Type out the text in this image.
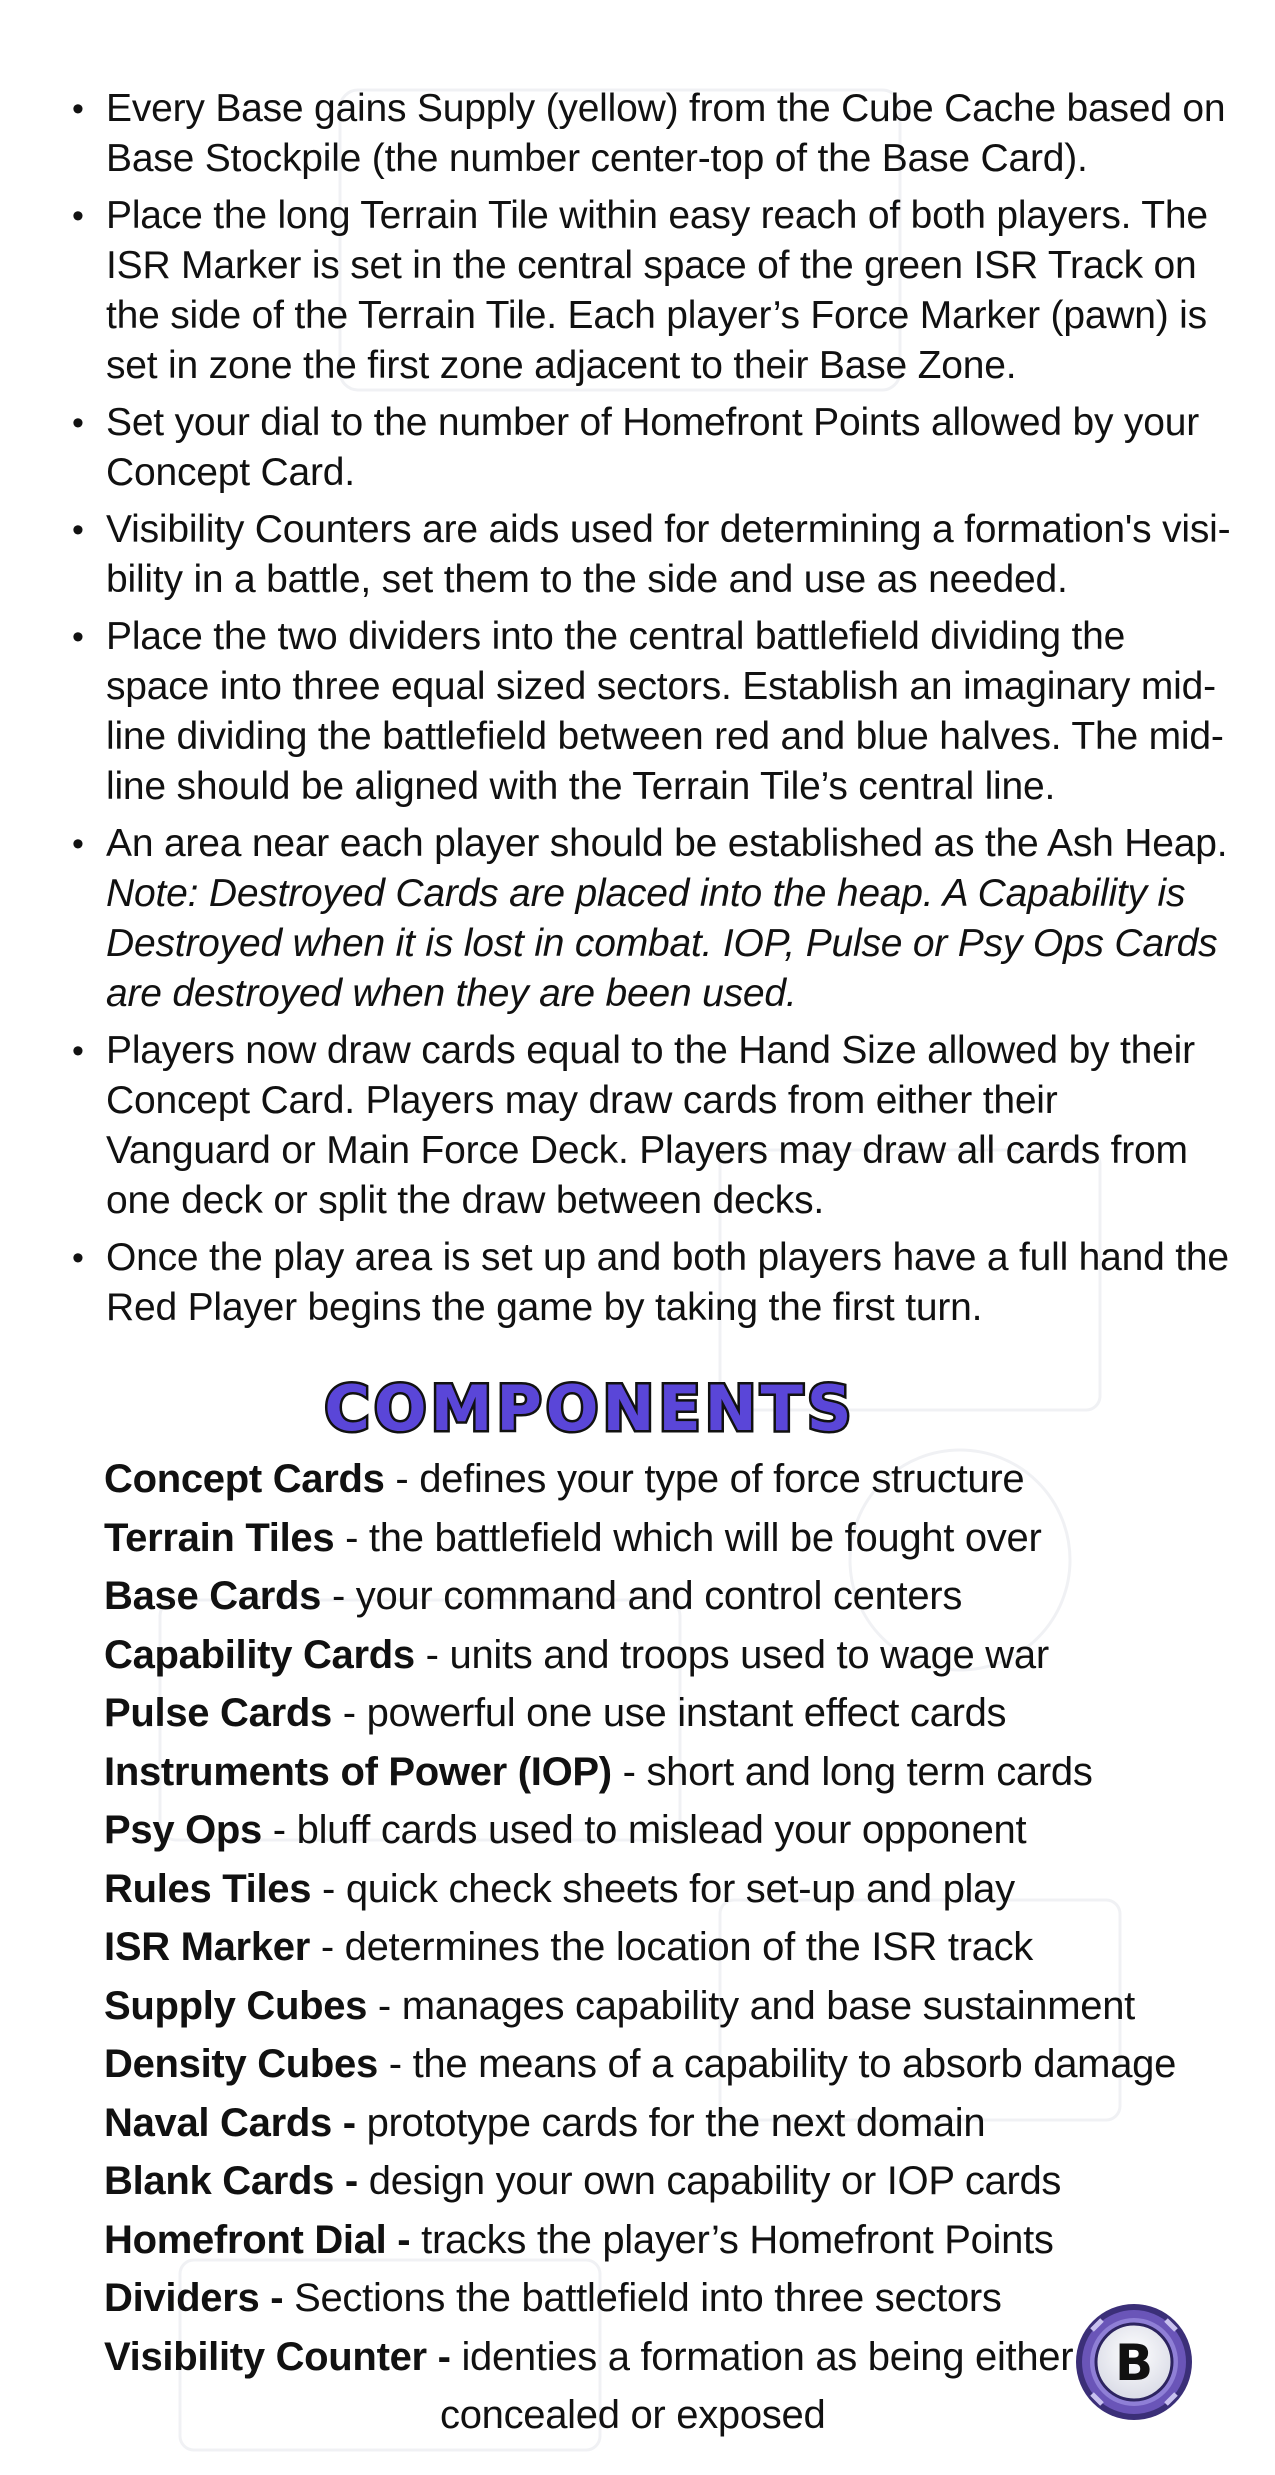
• Every Base gains Supply (yellow) from the Cube Cache based on Base Stockpile (the number center-top of the Base Card).
• Place the long Terrain Tile within easy reach of both players. The ISR Marker is set in the central space of the green ISR Track on the side of the Terrain Tile. Each player’s Force Marker (pawn) is set in zone the first zone adjacent to their Base Zone.
• Set your dial to the number of Homefront Points allowed by your Concept Card.
• Visibility Counters are aids used for determining a formation's visi-bility in a battle, set them to the side and use as needed.
• Place the two dividers into the central battlefield dividing the space into three equal sized sectors. Establish an imaginary mid-line dividing the battlefield between red and blue halves. The mid-line should be aligned with the Terrain Tile’s central line.
• An area near each player should be established as the Ash Heap.
Note: Destroyed Cards are placed into the heap. A Capability is Destroyed when it is lost in combat. IOP, Pulse or Psy Ops Cards are destroyed when they are been used.
• Players now draw cards equal to the Hand Size allowed by their Concept Card. Players may draw cards from either their Vanguard or Main Force Deck. Players may draw all cards from one deck or split the draw between decks.
• Once the play area is set up and both players have a full hand the Red Player begins the game by taking the first turn.
COMPONENTS
Concept Cards - defines your type of force structure
Terrain Tiles - the battlefield which will be fought over
Base Cards - your command and control centers
Capability Cards - units and troops used to wage war
Pulse Cards - powerful one use instant effect cards
Instruments of Power (IOP) - short and long term cards
Psy Ops - bluff cards used to mislead your opponent
Rules Tiles - quick check sheets for set-up and play
ISR Marker - determines the location of the ISR track
Supply Cubes - manages capability and base sustainment
Density Cubes - the means of a capability to absorb damage
Naval Cards - prototype cards for the next domain
Blank Cards - design your own capability or IOP cards
Homefront Dial - tracks the player’s Homefront Points
Dividers - Sections the battlefield into three sectors
Visibility Counter - identies a formation as being either
concealed or exposed
B
